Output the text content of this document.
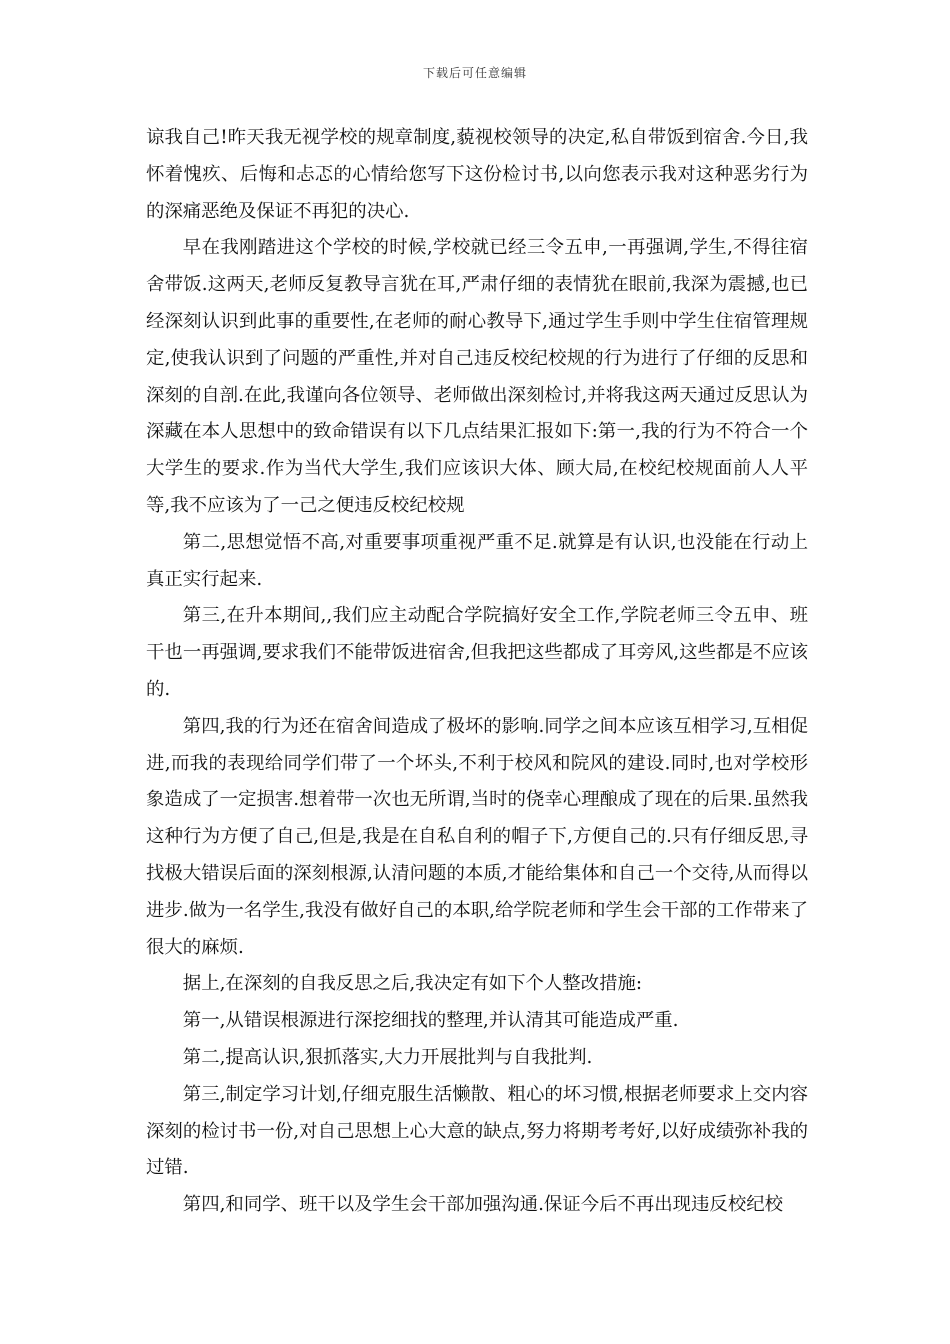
下载后可任意编辑

谅我自己!昨天我无视学校的规章制度,藐视校领导的决定,私自带饭到宿舍.今日,我怀着愧疚、后悔和忐忑的心情给您写下这份检讨书,以向您表示我对这种恶劣行为的深痛恶绝及保证不再犯的决心.

早在我刚踏进这个学校的时候,学校就已经三令五申,一再强调,学生,不得往宿舍带饭.这两天,老师反复教导言犹在耳,严肃仔细的表情犹在眼前,我深为震撼,也已经深刻认识到此事的重要性,在老师的耐心教导下,通过学生手则中学生住宿管理规定,使我认识到了问题的严重性,并对自己违反校纪校规的行为进行了仔细的反思和深刻的自剖.在此,我谨向各位领导、老师做出深刻检讨,并将我这两天通过反思认为深藏在本人思想中的致命错误有以下几点结果汇报如下:第一,我的行为不符合一个大学生的要求.作为当代大学生,我们应该识大体、顾大局,在校纪校规面前人人平等,我不应该为了一己之便违反校纪校规

第二,思想觉悟不高,对重要事项重视严重不足.就算是有认识,也没能在行动上真正实行起来.

第三,在升本期间,,我们应主动配合学院搞好安全工作,学院老师三令五申、班干也一再强调,要求我们不能带饭进宿舍,但我把这些都成了耳旁风,这些都是不应该的.

第四,我的行为还在宿舍间造成了极坏的影响.同学之间本应该互相学习,互相促进,而我的表现给同学们带了一个坏头,不利于校风和院风的建设.同时,也对学校形象造成了一定损害.想着带一次也无所谓,当时的侥幸心理酿成了现在的后果.虽然我这种行为方便了自己,但是,我是在自私自利的帽子下,方便自己的.只有仔细反思,寻找极大错误后面的深刻根源,认清问题的本质,才能给集体和自己一个交待,从而得以进步.做为一名学生,我没有做好自己的本职,给学院老师和学生会干部的工作带来了很大的麻烦.

据上,在深刻的自我反思之后,我决定有如下个人整改措施:

第一,从错误根源进行深挖细找的整理,并认清其可能造成严重.

第二,提高认识,狠抓落实,大力开展批判与自我批判.

第三,制定学习计划,仔细克服生活懒散、粗心的坏习惯,根据老师要求上交内容深刻的检讨书一份,对自己思想上心大意的缺点,努力将期考考好,以好成绩弥补我的过错.

第四,和同学、班干以及学生会干部加强沟通.保证今后不再出现违反校纪校
